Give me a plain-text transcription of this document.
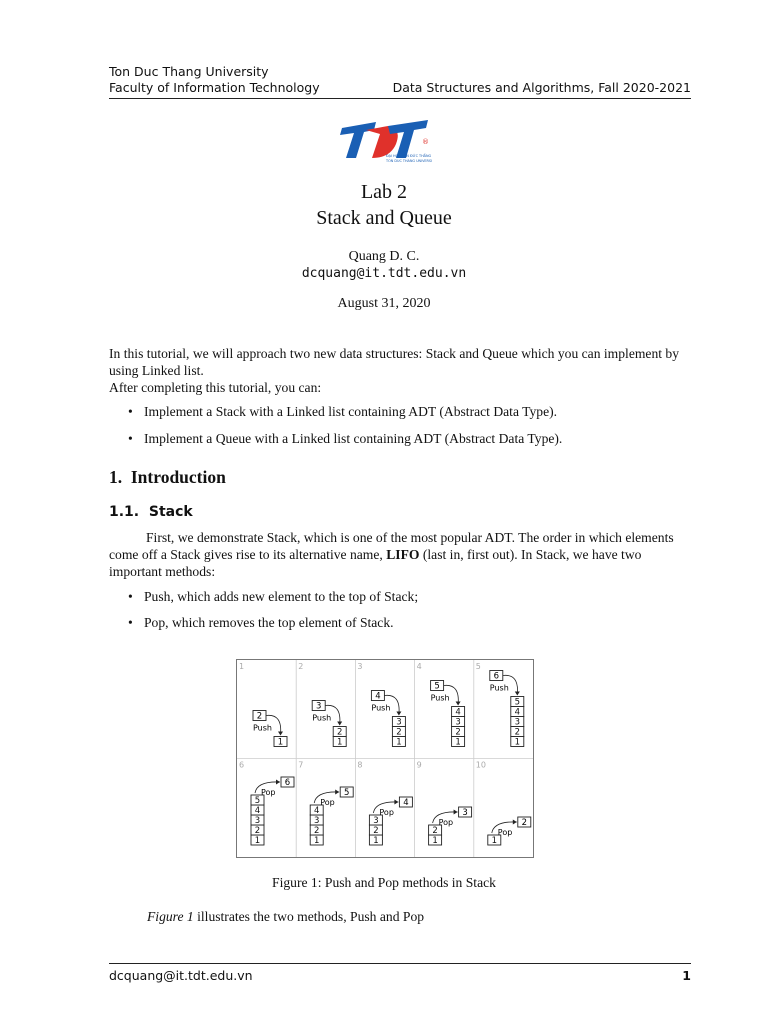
Ton Duc Thang University
Faculty of Information Technology	Data Structures and Algorithms, Fall 2020-2021
®
ĐẠI HỌC TÔN ĐỨC THẮNG
TON DUC THANG UNIVERSITY
Lab 2
Stack and Queue
Quang D. C.
dcquang@it.tdt.edu.vn
August 31, 2020
In this tutorial, we will approach two new data structures: Stack and Queue which you can implement by using Linked list.
After completing this tutorial, you can:
• Implement a Stack with a Linked list containing ADT (Abstract Data Type).
• Implement a Queue with a Linked list containing ADT (Abstract Data Type).
1. Introduction
1.1. Stack
First, we demonstrate Stack, which is one of the most popular ADT. The order in which elements come off a Stack gives rise to its alternative name, LIFO (last in, first out). In Stack, we have two important methods:
• Push, which adds new element to the top of Stack;
• Pop, which removes the top element of Stack.
1
1
2
Push
2
1
2
3
Push
3
1
2
3
4
Push
4
1
2
3
4
5
Push
5
1
2
3
4
5
6
Push
6
1
2
3
4
5
6
Pop
7
1
2
3
4
5
Pop
8
1
2
3
4
Pop
9
1
2
3
Pop
10
1
2
Pop
Figure 1: Push and Pop methods in Stack
Figure 1 illustrates the two methods, Push and Pop
dcquang@it.tdt.edu.vn	1
